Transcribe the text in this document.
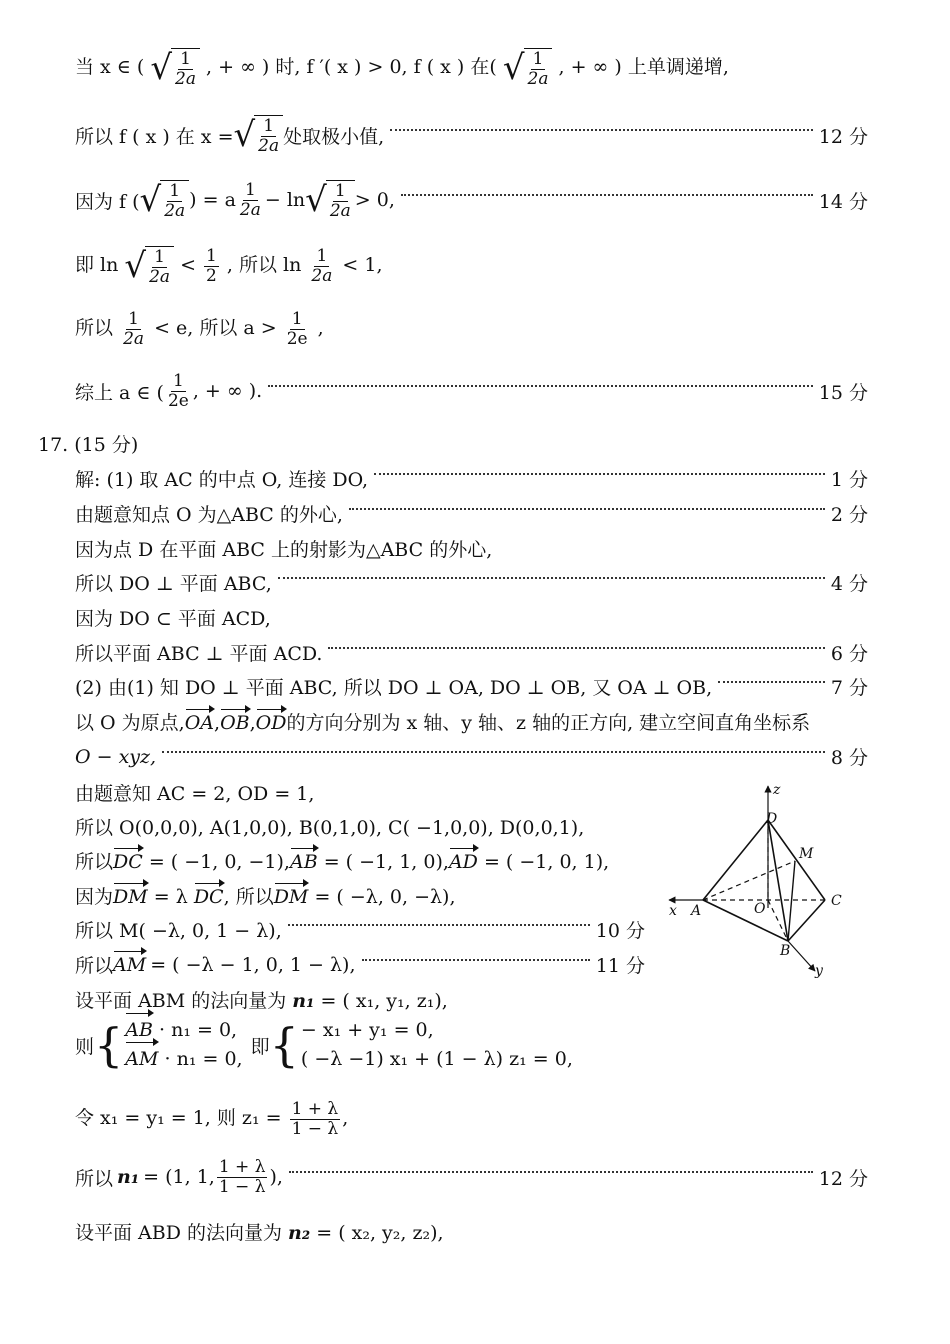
当 x ∈ ( √ $\frac{1}{2a}$ , + ∞ ) 时, f ′( x ) > 0, f ( x ) 在( √ $\frac{1}{2a}$ , + ∞ ) 上单调递增,
所以 f ( x ) 在 x = √ $\frac{1}{2a}$ 处取极小值,	12 分
因为 f ( √ $\frac{1}{2a}$ ) = a $\frac{1}{2a} - \ln$ √ $\frac{1}{2a} > 0$,	14 分
即 ln √ $\frac{1}{2a} < \frac{1}{2}$ , 所以 $\ln \frac{1}{2a} < 1$,
所以 $\frac{1}{2a} < e$, 所以 $a > \frac{1}{2e}$ ,
综上 a ∈ ( $\frac{1}{2e}$ , + ∞ ).	15 分
17. (15 分)
解: (1) 取 AC 的中点 O, 连接 DO,	1 分
由题意知点 O 为△ABC 的外心,	2 分
因为点 D 在平面 ABC 上的射影为△ABC 的外心,
所以 DO ⊥ 平面 ABC,	4 分
因为 DO ⊂ 平面 ACD,
所以平面 ABC ⊥ 平面 ACD.	6 分
(2) 由(1) 知 DO ⊥ 平面 ABC, 所以 DO ⊥ OA, DO ⊥ OB, 又 OA ⊥ OB,	7 分
以 O 为原点,OA,OB,OD的方向分别为 x 轴、y 轴、z 轴的正方向, 建立空间直角坐标系
O − xyz,	8 分
由题意知 AC = 2, OD = 1,
所以 O(0,0,0), A(1,0,0), B(0,1,0), C( −1,0,0), D(0,0,1),
所以DC = ( −1, 0, −1),AB = ( −1, 1, 0),AD = ( −1, 0, 1),
因为DM = λ DC, 所以DM = ( −λ, 0, −λ),
所以 M( −λ, 0, 1 − λ),	10 分
所以 AM = ( −λ − 1, 0, 1 − λ),	11 分
设平面 ABM 的法向量为 n₁ = ( x₁, y₁, z₁),
则 { AB · n₁ = 0,
AM · n₁ = 0,
即 { − x₁ + y₁ = 0,
( −λ −1) x₁ + (1 − λ) z₁ = 0,
令 x₁ = y₁ = 1, 则 $z_1 = \frac{1 + \lambda}{1 - \lambda}$ ,
所以 n₁ = (1, 1, $\frac{1 + \lambda}{1 - \lambda}$ ),	12 分
设平面 ABD 的法向量为 n₂ = ( x₂, y₂, z₂),
z
D
M
x A	O	C
B
y
